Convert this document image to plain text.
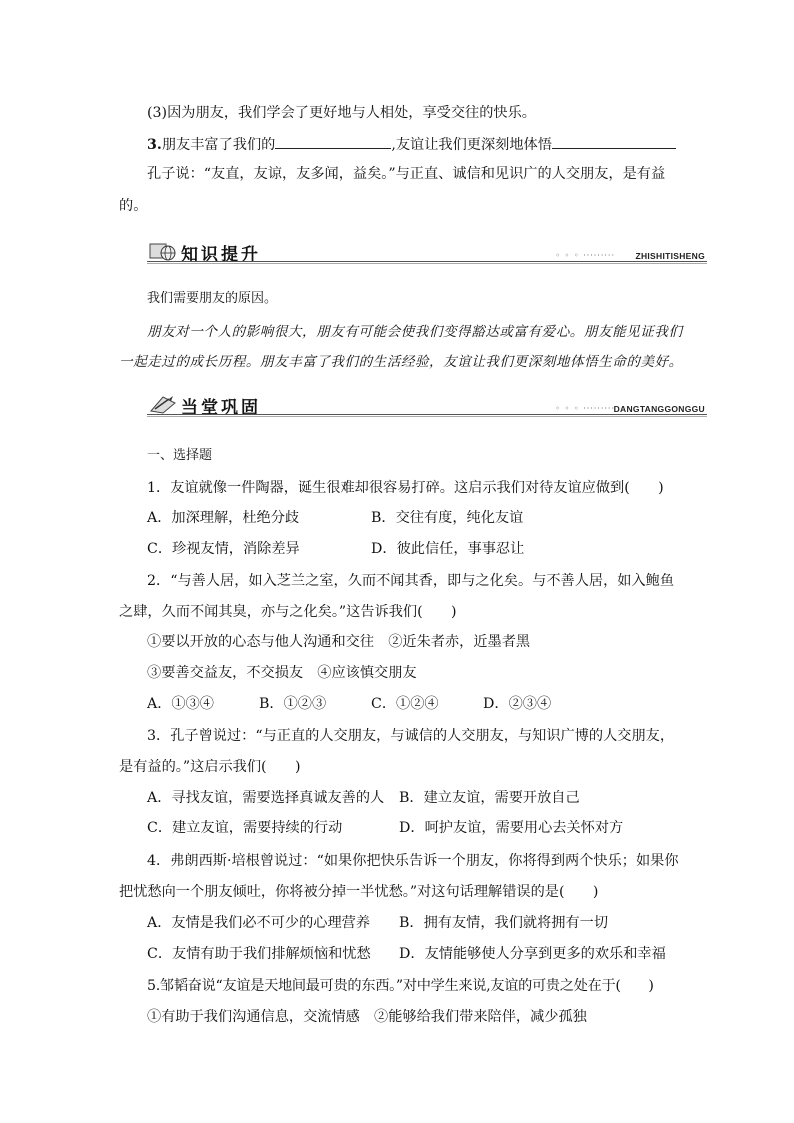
(3)因为朋友，我们学会了更好地与人相处，享受交往的快乐。
3.朋友丰富了我们的	,友谊让我们更深刻地体悟
孔子说：“友直，友谅，友多闻，益矣。”与正直、诚信和见识广的人交朋友，是有益
的。
知识提升	◦ ◦ ◦ ········· ZHISHITISHENG
我们需要朋友的原因。
朋友对一个人的影响很大，朋友有可能会使我们变得豁达或富有爱心。朋友能见证我们
一起走过的成长历程。朋友丰富了我们的生活经验，友谊让我们更深刻地体悟生命的美好。
当堂巩固	◦ ◦ ◦ ·········
DANGTANGGONGGU
一、选择题
1．友谊就像一件陶器，诞生很难却很容易打碎。这启示我们对待友谊应做到(　　)
A．加深理解，杜绝分歧	B．交往有度，纯化友谊
C．珍视友情，消除差异	D．彼此信任，事事忍让
2．“与善人居，如入芝兰之室，久而不闻其香，即与之化矣。与不善人居，如入鲍鱼
之肆，久而不闻其臭，亦与之化矣。”这告诉我们(　　)
①要以开放的心态与他人沟通和交往　②近朱者赤，近墨者黑
③要善交益友，不交损友　④应该慎交朋友
A．①③④	B．①②③	C．①②④	D．②③④
3．孔子曾说过：“与正直的人交朋友，与诚信的人交朋友，与知识广博的人交朋友，
是有益的。”这启示我们(　　)
A．寻找友谊，需要选择真诚友善的人 B．建立友谊，需要开放自己
C．建立友谊，需要持续的行动	D．呵护友谊，需要用心去关怀对方
4．弗朗西斯·培根曾说过：“如果你把快乐告诉一个朋友，你将得到两个快乐；如果你
把忧愁向一个朋友倾吐，你将被分掉一半忧愁。”对这句话理解错误的是(　　)
A．友情是我们必不可少的心理营养 B．拥有友情，我们就将拥有一切
C．友情有助于我们排解烦恼和忧愁 D．友情能够使人分享到更多的欢乐和幸福
5.邹韬奋说“友谊是天地间最可贵的东西。”对中学生来说,友谊的可贵之处在于(　　)
①有助于我们沟通信息，交流情感　②能够给我们带来陪伴，减少孤独
